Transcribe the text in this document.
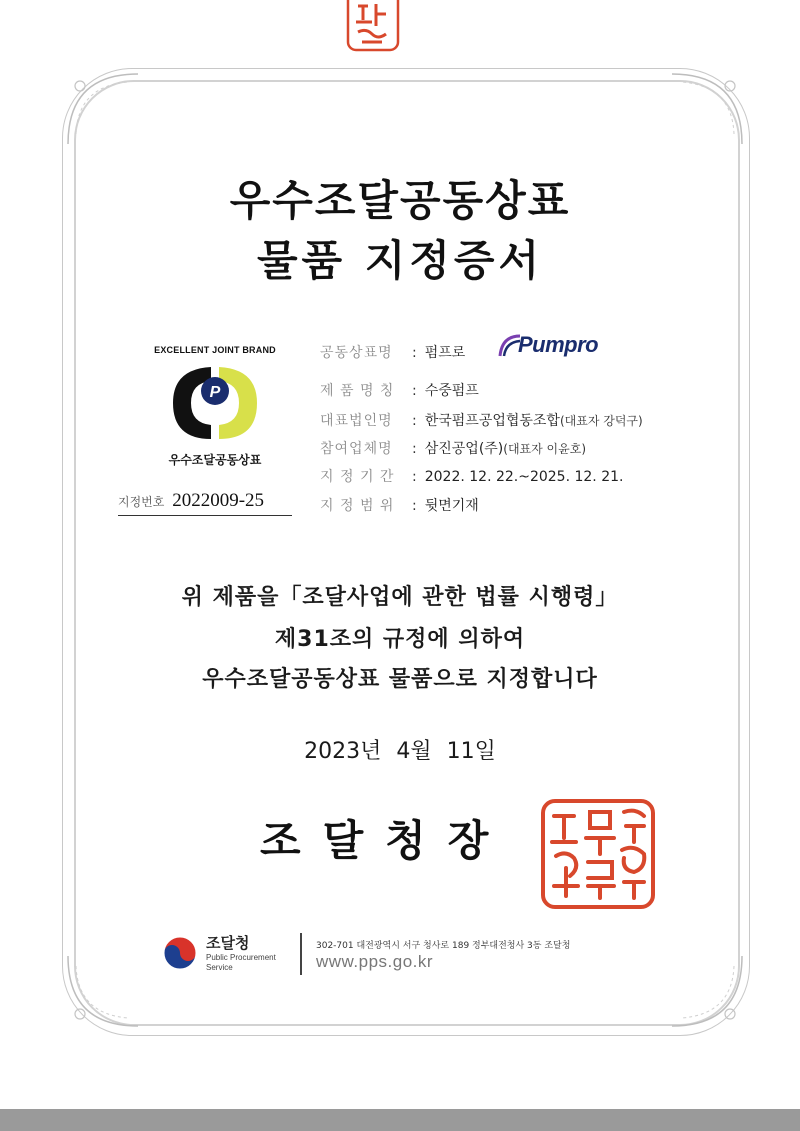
우수조달공동상표
물품 지정증서
EXCELLENT JOINT BRAND
P
우수조달공동상표
지정번호 2022009-25
공동상표명 : 펌프로 Pumpro
제 품 명 칭 : 수중펌프
대표법인명 : 한국펌프공업협동조합(대표자 강덕구)
참여업체명 : 삼진공업(주)(대표자 이윤호)
지 정 기 간 : 2022. 12. 22.~2025. 12. 21.
지 정 범 위 : 뒷면기재
위 제품을「조달사업에 관한 법률 시행령」
제31조의 규정에 의하여
우수조달공동상표 물품으로 지정합니다
2023년 4월 11일
조달청장
조달청
Public Procurement
Service
302-701 대전광역시 서구 청사로 189 정부대전청사 3동 조달청
www.pps.go.kr
